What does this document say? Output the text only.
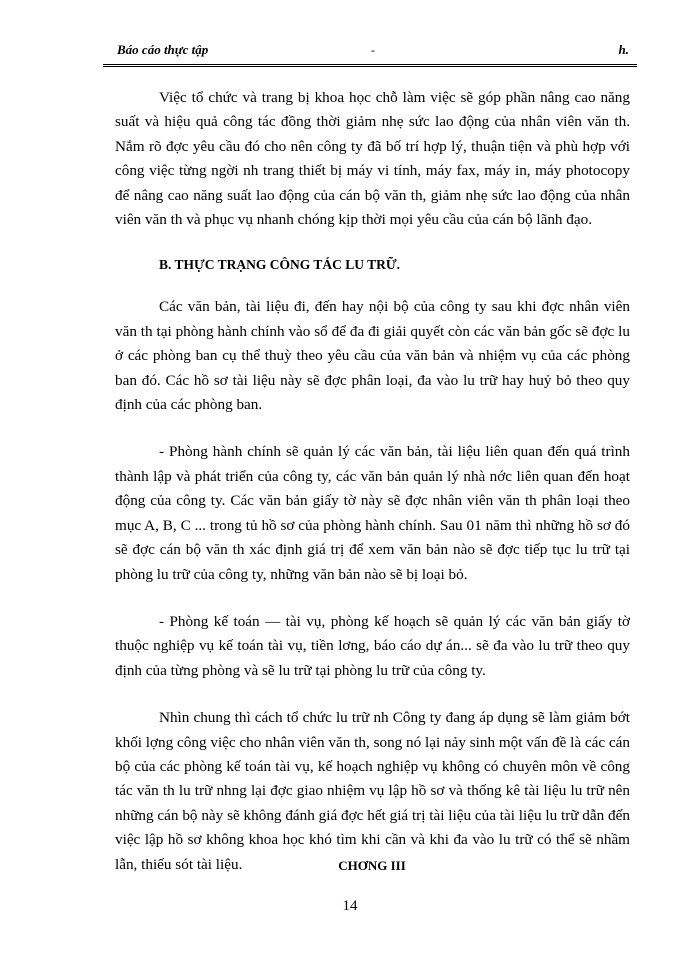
Báo cáo thực tập	-	h.

Việc tổ chức và trang bị khoa học chỗ làm việc sẽ góp phần nâng cao năng suất và hiệu quả công tác đồng thời giảm nhẹ sức lao động của nhân viên văn th. Nắm rõ đợc yêu cầu đó cho nên công ty đã bố trí hợp lý, thuận tiện và phù hợp với công việc từng ngời nh trang thiết bị máy vi tính, máy fax, máy in, máy photocopy để nâng cao năng suất lao động của cán bộ văn th, giảm nhẹ sức lao động của nhân viên văn th và phục vụ nhanh chóng kịp thời mọi yêu cầu của cán bộ lãnh đạo.

B. THỰC TRẠNG CÔNG TÁC LU TRỮ.

Các văn bản, tài liệu đi, đến hay nội bộ của công ty sau khi đợc nhân viên văn th tại phòng hành chính vào sổ để đa đi giải quyết còn các văn bản gốc sẽ đợc lu ở các phòng ban cụ thể thuỳ theo yêu cầu của văn bản và nhiệm vụ của các phòng ban đó. Các hồ sơ tài liệu này sẽ đợc phân loại, đa vào lu trữ hay huỷ bỏ theo quy định của các phòng ban.

- Phòng hành chính sẽ quản lý các văn bản, tài liệu liên quan đến quá trình thành lập và phát triển của công ty, các văn bản quản lý nhà nớc liên quan đến hoạt động của công ty. Các văn bản giấy tờ này sẽ đợc nhân viên văn th phân loại theo mục A, B, C ... trong tủ hồ sơ của phòng hành chính. Sau 01 năm thì những hồ sơ đó sẽ đợc cán bộ văn th xác định giá trị để xem văn bản nào sẽ đợc tiếp tục lu trữ tại phòng lu trữ của công ty, những văn bản nào sẽ bị loại bỏ.

- Phòng kế toán — tài vụ, phòng kế hoạch sẽ quản lý các văn bản giấy tờ thuộc nghiệp vụ kế toán tài vụ, tiền lơng, báo cáo dự án... sẽ đa vào lu trữ theo quy định của từng phòng và sẽ lu trữ tại phòng lu trữ của công ty.

Nhìn chung thì cách tổ chức lu trữ nh Công ty đang áp dụng sẽ làm giảm bớt khối lợng công việc cho nhân viên văn th, song nó lại nảy sinh một vấn đề là các cán bộ của các phòng kế toán tài vụ, kế hoạch nghiệp vụ không có chuyên môn về công tác văn th lu trữ nhng lại đợc giao nhiệm vụ lập hồ sơ và thống kê tài liệu lu trữ nên những cán bộ này sẽ không đánh giá đợc hết giá trị tài liệu của tài liệu lu trữ dẫn đến việc lập hồ sơ không khoa học khó tìm khi cần và khi đa vào lu trữ có thể sẽ nhầm lẫn, thiếu sót tài liệu.	CHƠNG III
14
